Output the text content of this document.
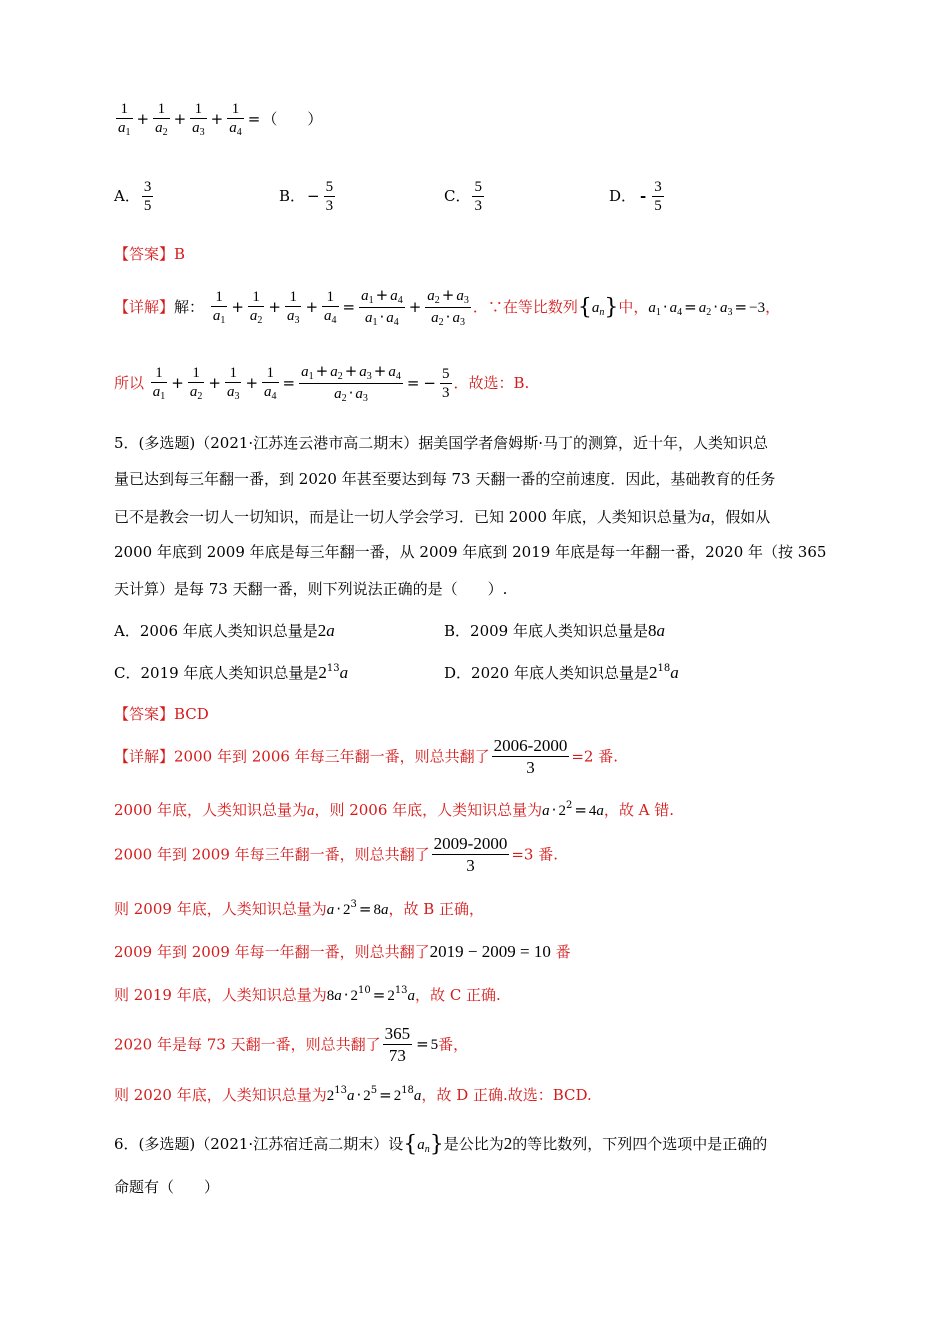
$\frac{1}{a_1} + \frac{1}{a_2} + \frac{1}{a_3} + \frac{1}{a_4}$ = （　　）
A． $\frac{3}{5}$	B． − $\frac{5}{3}$	C． $\frac{5}{3}$	D． - $\frac{3}{5}$
【答案】B
【详解】解： $\frac{1}{a_1} + \frac{1}{a_2} + \frac{1}{a_3} + \frac{1}{a_4} = \frac{a_1 + a_4}{a_1 \cdot a_4} + \frac{a_2 + a_3}{a_2 \cdot a_3}$ ．∵在等比数列$\{a_n\}$中，$a_1 \cdot a_4 = a_2 \cdot a_3 = -3$，
所以 $\frac{1}{a_1} + \frac{1}{a_2} + \frac{1}{a_3} + \frac{1}{a_4} = \frac{a_1 + a_2 + a_3 + a_4}{a_2 \cdot a_3}$ = − $\frac{5}{3}$ ．故选：B.
5．(多选题)（2021·江苏连云港市高二期末）据美国学者詹姆斯·马丁的测算，近十年，人类知识总
量已达到每三年翻一番，到 2020 年甚至要达到每 73 天翻一番的空前速度．因此，基础教育的任务
已不是教会一切人一切知识，而是让一切人学会学习．已知 2000 年底，人类知识总量为a，假如从
2000 年底到 2009 年底是每三年翻一番，从 2009 年底到 2019 年底是每一年翻一番，2020 年（按 365
天计算）是每 73 天翻一番，则下列说法正确的是（　　）.
A．2006 年底人类知识总量是2a	B．2009 年底人类知识总量是8a
C．2019 年底人类知识总量是$2^{13}a$	D．2020 年底人类知识总量是$2^{18}a$
【答案】BCD
【详解】2000 年到 2006 年每三年翻一番，则总共翻了 $\frac{2006-2000}{3} =2$ 番.
2000 年底，人类知识总量为a，则 2006 年底，人类知识总量为$a \cdot 2^2 = 4a$，故 A 错.
2000 年到 2009 年每三年翻一番，则总共翻了 $\frac{2009-2000}{3} =3$ 番.
则 2009 年底，人类知识总量为$a \cdot 2^3 = 8a$，故 B 正确，
2009 年到 2009 年每一年翻一番，则总共翻了2019 − 2009 = 10 番
则 2019 年底，人类知识总量为$8a \cdot 2^{10} = 2^{13}a$，故 C 正确.
2020 年是每 73 天翻一番，则总共翻了 $\frac{365}{73} = 5$番，
则 2020 年底，人类知识总量为$2^{13}a \cdot 2^5 = 2^{18}a$，故 D 正确.故选：BCD.
6．(多选题)（2021·江苏宿迁高二期末）设$\{a_n\}$是公比为2的等比数列，下列四个选项中是正确的
命题有（　　）
